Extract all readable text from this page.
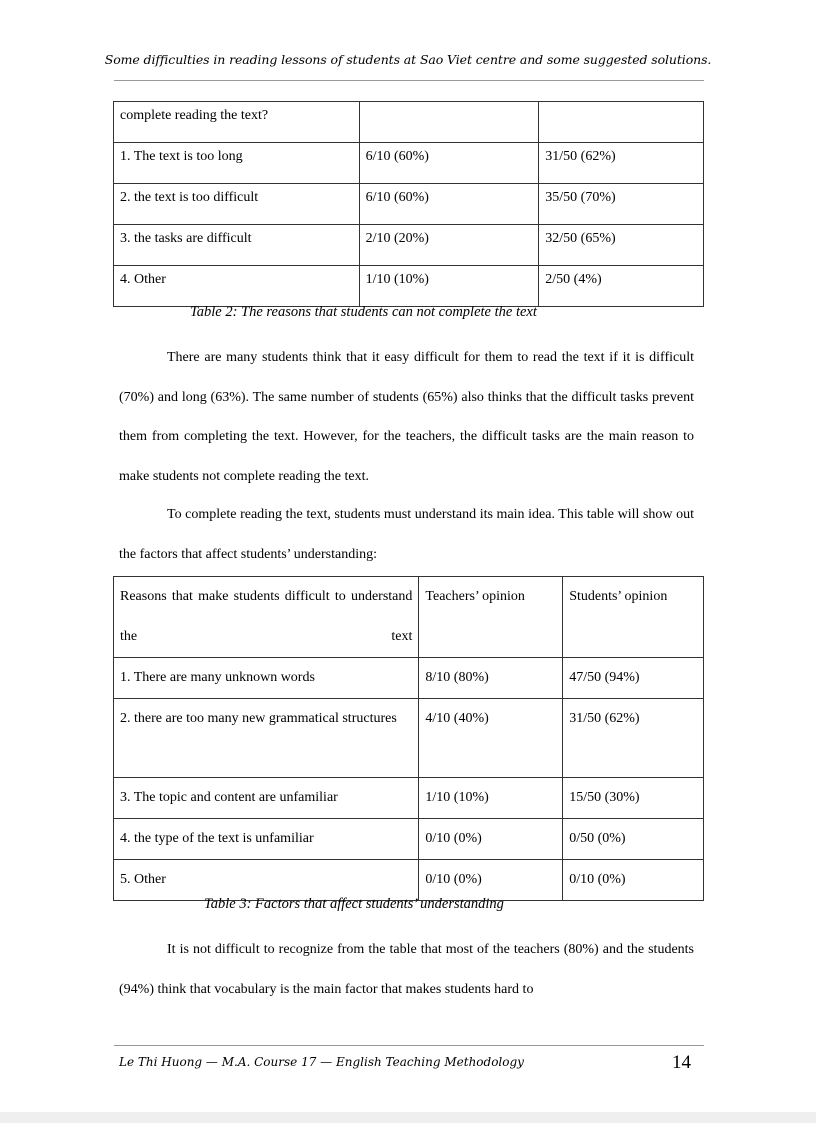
Some difficulties in reading lessons of students at Sao Viet centre and some suggested solutions.
complete reading the text?		
1. The text is too long	6/10 (60%)	31/50 (62%)
2. the text is too difficult	6/10 (60%)	35/50 (70%)
3. the tasks are difficult	2/10 (20%)	32/50 (65%)
4. Other	1/10 (10%)	2/50 (4%)
Table 2: The reasons that students can not complete the text

There are many students think that it easy difficult for them to read the text if it is difficult (70%) and long (63%). The same number of students (65%) also thinks that the difficult tasks prevent them from completing the text. However, for the teachers, the difficult tasks are the main reason to make students not complete reading the text.

To complete reading the text, students must understand its main idea. This table will show out the factors that affect students’ understanding:

Reasons that make students difficult to understand the text	Teachers’ opinion	Students’ opinion
1. There are many unknown words	8/10 (80%)	47/50 (94%)
2. there are too many new grammatical structures	4/10 (40%)	31/50 (62%)
3. The topic and content are unfamiliar	1/10 (10%)	15/50 (30%)
4. the type of the text is unfamiliar	0/10 (0%)	0/50 (0%)
5. Other	0/10 (0%)	0/10 (0%)
Table 3: Factors that affect students’ understanding

It is not difficult to recognize from the table that most of the teachers (80%) and the students (94%) think that vocabulary is the main factor that makes students hard to

Le Thi Huong — M.A. Course 17 — English Teaching Methodology	14
